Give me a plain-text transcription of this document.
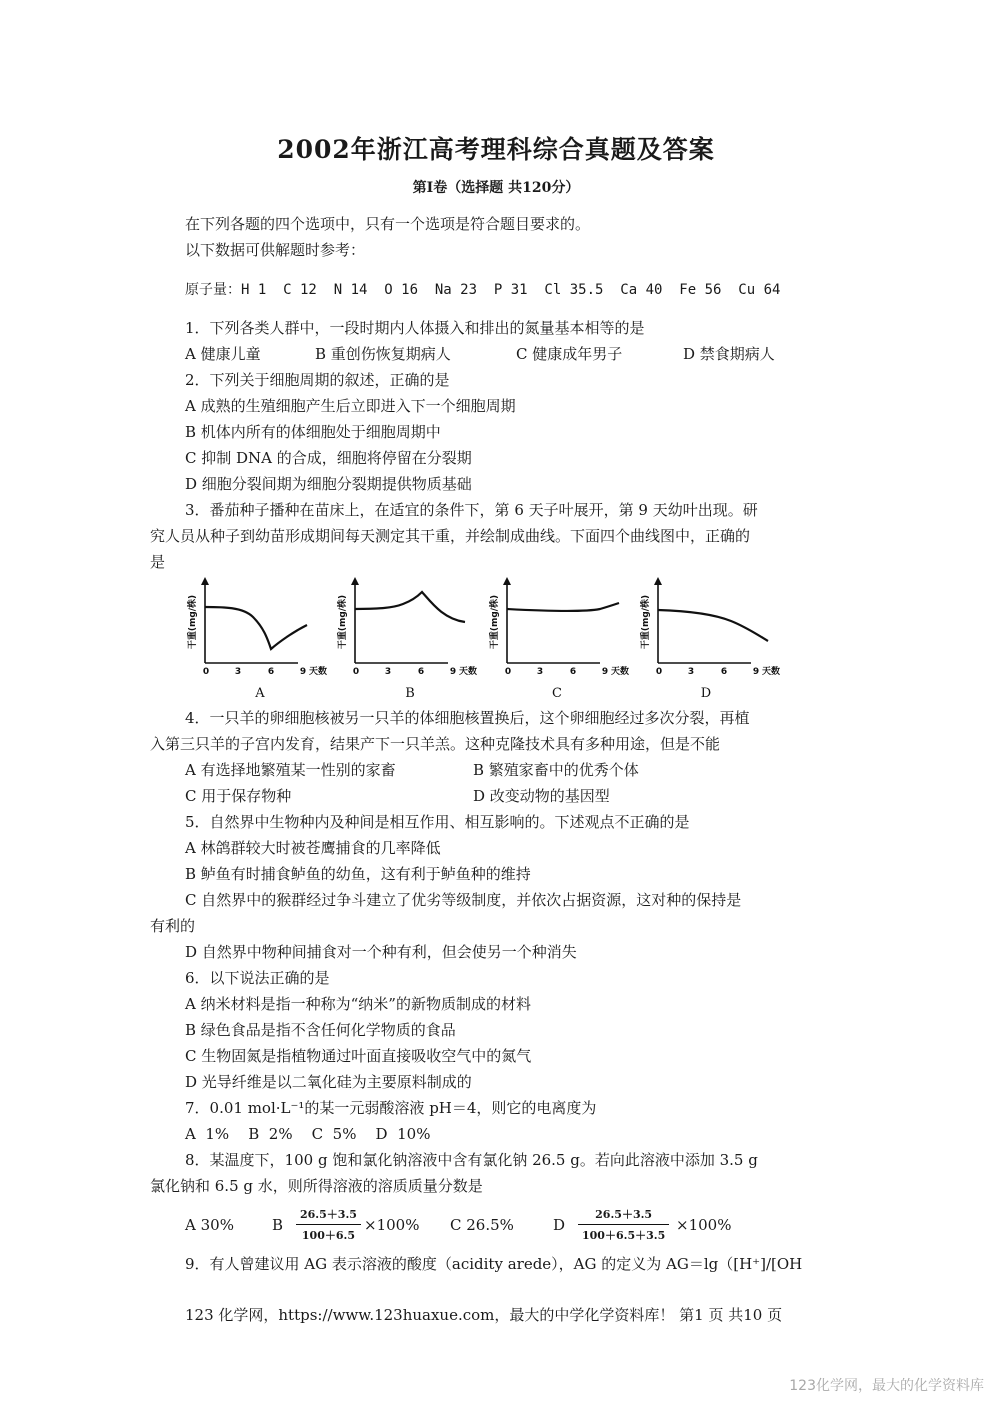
2002年浙江高考理科综合真题及答案
第Ⅰ卷（选择题 共120分）
在下列各题的四个选项中，只有一个选项是符合题目要求的。
以下数据可供解题时参考：
原子量：H 1  C 12  N 14  O 16  Na 23  P 31  Cl 35.5  Ca 40  Fe 56  Cu 64
1．下列各类人群中，一段时期内人体摄入和排出的氮量基本相等的是
A 健康儿童	B 重创伤恢复期病人	C 健康成年男子	D 禁食期病人
2．下列关于细胞周期的叙述，正确的是
A 成熟的生殖细胞产生后立即进入下一个细胞周期
B 机体内所有的体细胞处于细胞周期中
C 抑制 DNA 的合成，细胞将停留在分裂期
D 细胞分裂间期为细胞分裂期提供物质基础
3．番茄种子播种在苗床上，在适宜的条件下，第 6 天子叶展开，第 9 天幼叶出现。研
究人员从种子到幼苗形成期间每天测定其干重，并绘制成曲线。下面四个曲线图中，正确的
是
干重(mg/株)
0	3	6	9 天数
A
干重(mg/株)
0	3	6	9 天数
B
干重(mg/株)
0	3	6	9 天数
C
干重(mg/株)
0	3	6	9 天数
D
4．一只羊的卵细胞核被另一只羊的体细胞核置换后，这个卵细胞经过多次分裂，再植
入第三只羊的子宫内发育，结果产下一只羊羔。这种克隆技术具有多种用途，但是不能
A 有选择地繁殖某一性别的家畜	B 繁殖家畜中的优秀个体
C 用于保存物种	D 改变动物的基因型
5．自然界中生物种内及种间是相互作用、相互影响的。下述观点不正确的是
A 林鸽群较大时被苍鹰捕食的几率降低
B 鲈鱼有时捕食鲈鱼的幼鱼，这有利于鲈鱼种的维持
C 自然界中的猴群经过争斗建立了优劣等级制度，并依次占据资源，这对种的保持是
有利的
D 自然界中物种间捕食对一个种有利，但会使另一个种消失
6．以下说法正确的是
A 纳米材料是指一种称为“纳米”的新物质制成的材料
B 绿色食品是指不含任何化学物质的食品
C 生物固氮是指植物通过叶面直接吸收空气中的氮气
D 光导纤维是以二氧化硅为主要原料制成的
7．0.01 mol·L⁻¹的某一元弱酸溶液 pH＝4，则它的电离度为
A  1%    B  2%    C  5%    D  10%
8．某温度下，100 g 饱和氯化钠溶液中含有氯化钠 26.5 g。若向此溶液中添加 3.5 g
氯化钠和 6.5 g 水，则所得溶液的溶质质量分数是
A 30%	B $\frac{26.5+3.5}{100+6.5} \times 100\%$ C 26.5%	D $\frac{26.5+3.5}{100+6.5+3.5} \times 100\%$
9．有人曾建议用 AG 表示溶液的酸度（acidity arede），AG 的定义为 AG＝lg（[H⁺]/[OH
123 化学网，https://www.123huaxue.com，最大的中学化学资料库！ 第1 页 共10 页
123化学网，最大的化学资料库
